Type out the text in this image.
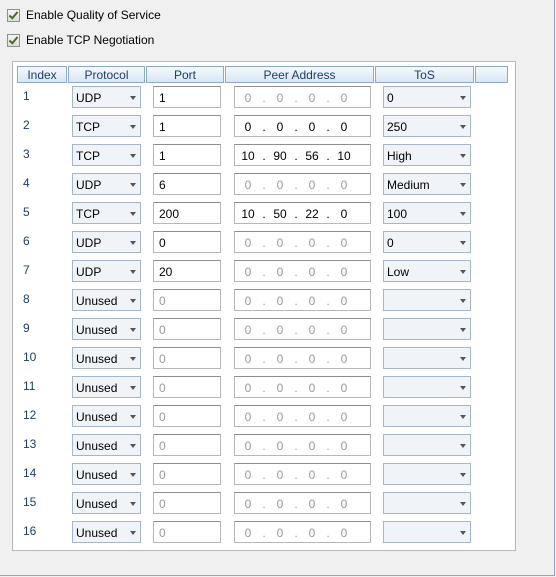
Enable Quality of Service
Enable TCP Negotiation
Index	Protocol	Port	Peer Address	ToS
1	UDP	1	0 . 0 . 0 . 0	0
2	TCP	1	0 . 0 . 0 . 0	250
3	TCP	1	10 . 90 . 56 . 10	High
4	UDP	6	0 . 0 . 0 . 0	Medium
5	TCP	200	10 . 50 . 22 . 0	100
6	UDP	0	0 . 0 . 0 . 0	0
7	UDP	20	0 . 0 . 0 . 0	Low
8	Unused	0	0 . 0 . 0 . 0
9	Unused	0	0 . 0 . 0 . 0
10	Unused	0	0 . 0 . 0 . 0
11	Unused	0	0 . 0 . 0 . 0
12	Unused	0	0 . 0 . 0 . 0
13	Unused	0	0 . 0 . 0 . 0
14	Unused	0	0 . 0 . 0 . 0
15	Unused	0	0 . 0 . 0 . 0
16	Unused	0	0 . 0 . 0 . 0
